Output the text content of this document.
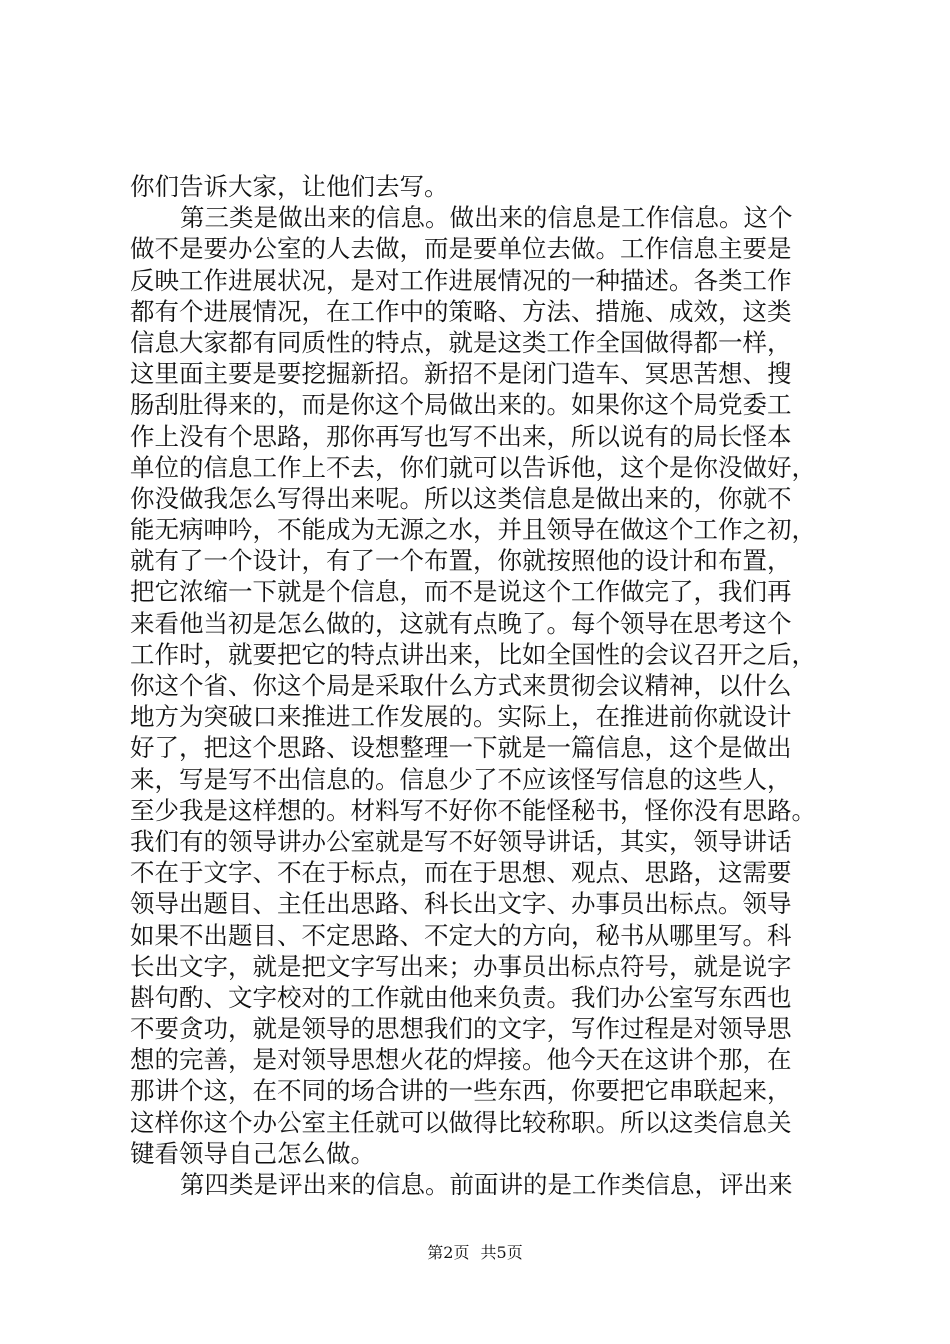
你们告诉大家，让他们去写。
第三类是做出来的信息。做出来的信息是工作信息。这个
做不是要办公室的人去做，而是要单位去做。工作信息主要是
反映工作进展状况，是对工作进展情况的一种描述。各类工作
都有个进展情况，在工作中的策略、方法、措施、成效，这类
信息大家都有同质性的特点，就是这类工作全国做得都一样，
这里面主要是要挖掘新招。新招不是闭门造车、冥思苦想、搜
肠刮肚得来的，而是你这个局做出来的。如果你这个局党委工
作上没有个思路，那你再写也写不出来，所以说有的局长怪本
单位的信息工作上不去，你们就可以告诉他，这个是你没做好，
你没做我怎么写得出来呢。所以这类信息是做出来的，你就不
能无病呻吟，不能成为无源之水，并且领导在做这个工作之初，
就有了一个设计，有了一个布置，你就按照他的设计和布置，
把它浓缩一下就是个信息，而不是说这个工作做完了，我们再
来看他当初是怎么做的，这就有点晚了。每个领导在思考这个
工作时，就要把它的特点讲出来，比如全国性的会议召开之后，
你这个省、你这个局是采取什么方式来贯彻会议精神，以什么
地方为突破口来推进工作发展的。实际上，在推进前你就设计
好了，把这个思路、设想整理一下就是一篇信息，这个是做出
来，写是写不出信息的。信息少了不应该怪写信息的这些人，
至少我是这样想的。材料写不好你不能怪秘书，怪你没有思路。
我们有的领导讲办公室就是写不好领导讲话，其实，领导讲话
不在于文字、不在于标点，而在于思想、观点、思路，这需要
领导出题目、主任出思路、科长出文字、办事员出标点。领导
如果不出题目、不定思路、不定大的方向，秘书从哪里写。科
长出文字，就是把文字写出来；办事员出标点符号，就是说字
斟句酌、文字校对的工作就由他来负责。我们办公室写东西也
不要贪功，就是领导的思想我们的文字，写作过程是对领导思
想的完善，是对领导思想火花的焊接。他今天在这讲个那，在
那讲个这，在不同的场合讲的一些东西，你要把它串联起来，
这样你这个办公室主任就可以做得比较称职。所以这类信息关
键看领导自己怎么做。
第四类是评出来的信息。前面讲的是工作类信息，评出来
第2页 共5页
